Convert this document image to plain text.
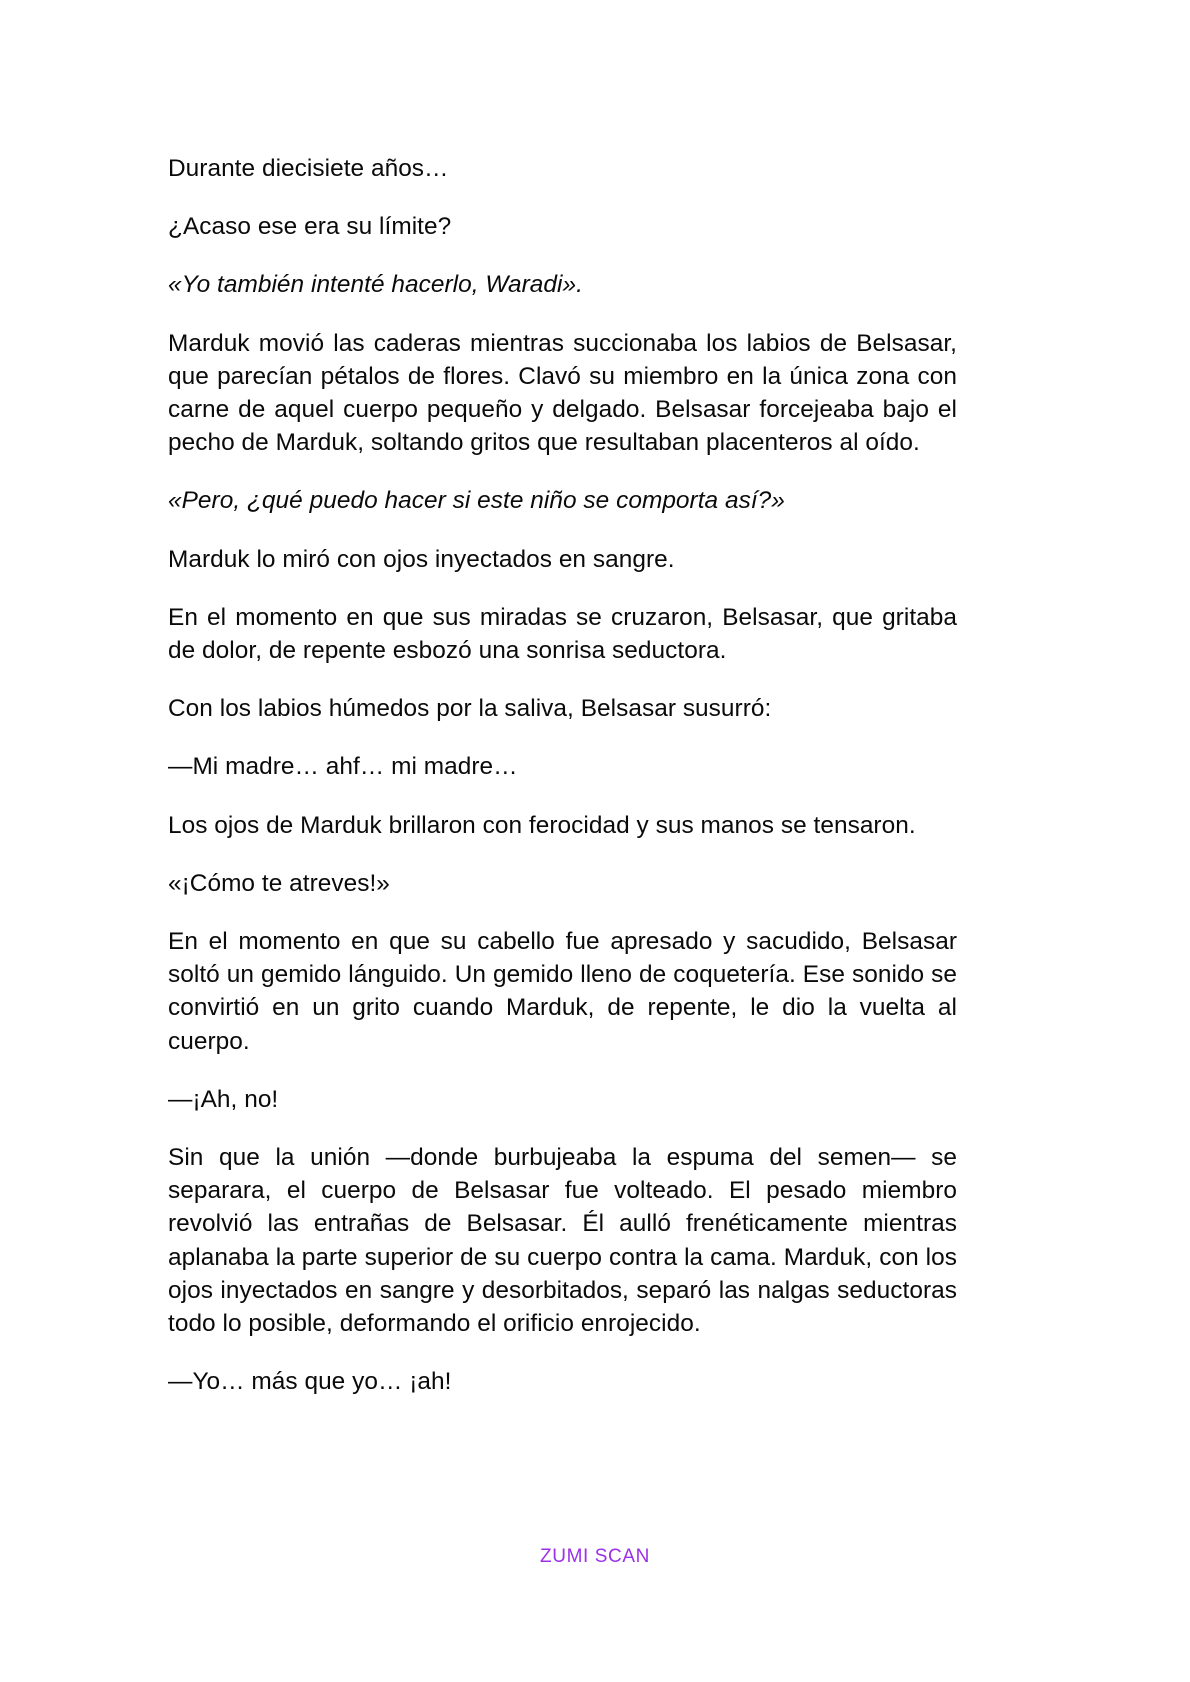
Durante diecisiete años…

¿Acaso ese era su límite?

«Yo también intenté hacerlo, Waradi».

Marduk movió las caderas mientras succionaba los labios de Belsasar, que parecían pétalos de flores. Clavó su miembro en la única zona con carne de aquel cuerpo pequeño y delgado. Belsasar forcejeaba bajo el pecho de Marduk, soltando gritos que resultaban placenteros al oído.

«Pero, ¿qué puedo hacer si este niño se comporta así?»

Marduk lo miró con ojos inyectados en sangre.

En el momento en que sus miradas se cruzaron, Belsasar, que gritaba de dolor, de repente esbozó una sonrisa seductora.

Con los labios húmedos por la saliva, Belsasar susurró:

—Mi madre… ahf… mi madre…

Los ojos de Marduk brillaron con ferocidad y sus manos se tensaron.

«¡Cómo te atreves!»

En el momento en que su cabello fue apresado y sacudido, Belsasar soltó un gemido lánguido. Un gemido lleno de coquetería. Ese sonido se convirtió en un grito cuando Marduk, de repente, le dio la vuelta al cuerpo.

—¡Ah, no!

Sin que la unión —donde burbujeaba la espuma del semen— se separara, el cuerpo de Belsasar fue volteado. El pesado miembro revolvió las entrañas de Belsasar. Él aulló frenéticamente mientras aplanaba la parte superior de su cuerpo contra la cama. Marduk, con los ojos inyectados en sangre y desorbitados, separó las nalgas seductoras todo lo posible, deformando el orificio enrojecido.

—Yo… más que yo… ¡ah!

ZUMI SCAN
